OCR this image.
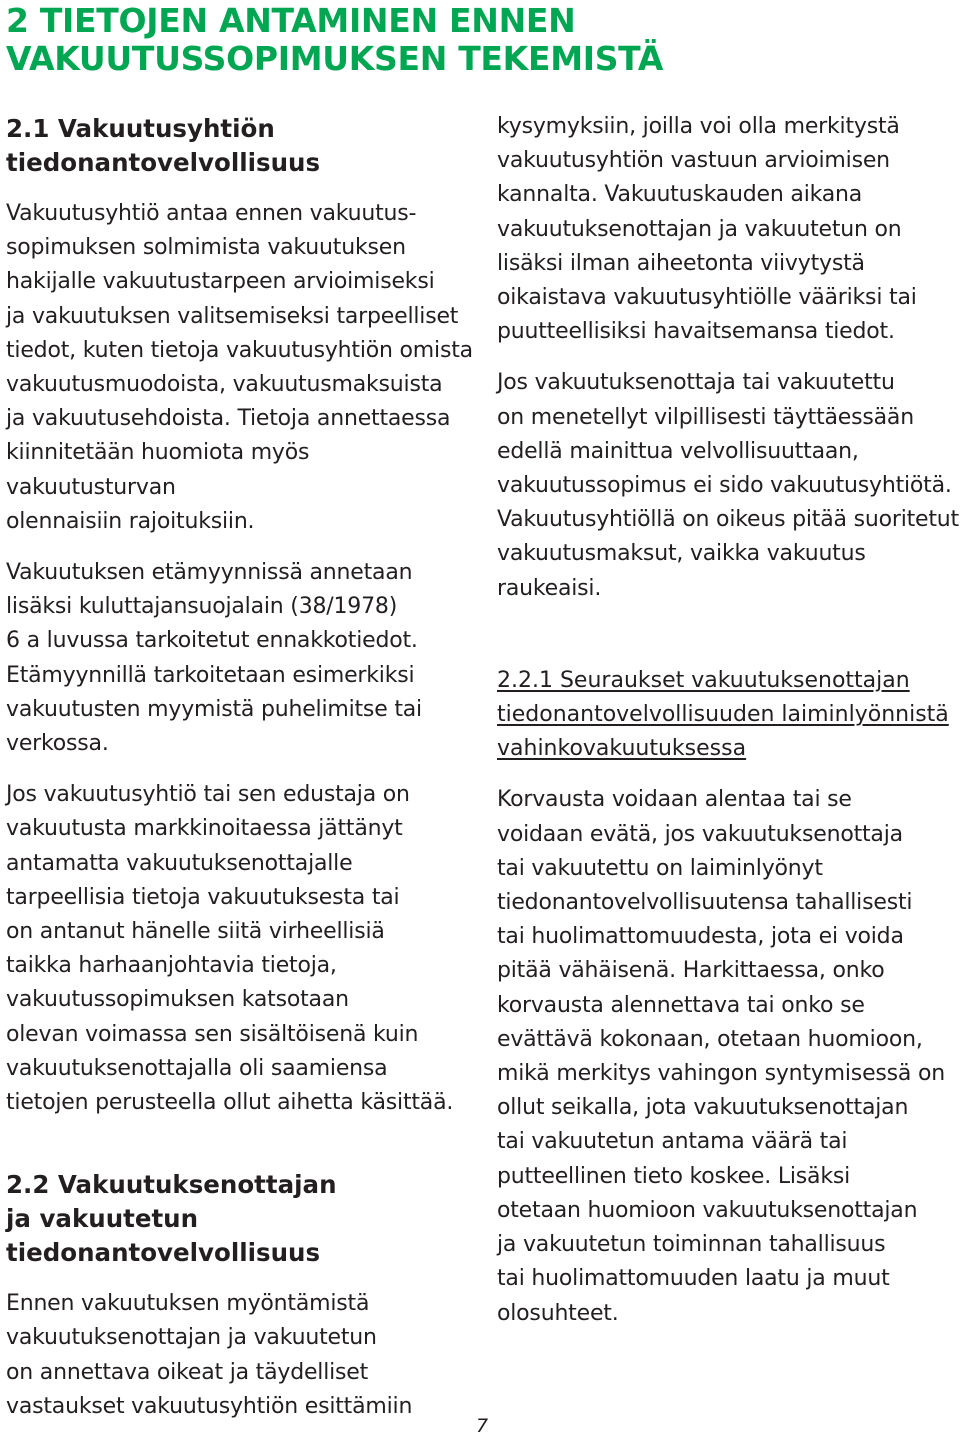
2 TIETOJEN ANTAMINEN ENNEN
VAKUUTUSSOPIMUKSEN TEKEMISTÄ
2.1 Vakuutusyhtiön
tiedonantovelvollisuus

Vakuutusyhtiö antaa ennen vakuutus-
sopimuksen solmimista vakuutuksen
hakijalle vakuutustarpeen arvioimiseksi
ja vakuutuksen valitsemiseksi tarpeelliset
tiedot, kuten tietoja vakuutusyhtiön omista
vakuutusmuodoista, vakuutusmaksuista
ja vakuutusehdoista. Tietoja annettaessa
kiinnitetään huomiota myös vakuutusturvan
olennaisiin rajoituksiin.

Vakuutuksen etämyynnissä annetaan
lisäksi kuluttajansuojalain (38/1978)
6 a luvussa tarkoitetut ennakkotiedot.
Etämyynnillä tarkoitetaan esimerkiksi
vakuutusten myymistä puhelimitse tai
verkossa.

Jos vakuutusyhtiö tai sen edustaja on
vakuutusta markkinoitaessa jättänyt
antamatta vakuutuksenottajalle
tarpeellisia tietoja vakuutuksesta tai
on antanut hänelle siitä virheellisiä
taikka harhaanjohtavia tietoja,
vakuutussopimuksen katsotaan
olevan voimassa sen sisältöisenä kuin
vakuutuksenottajalla oli saamiensa
tietojen perusteella ollut aihetta käsittää.

2.2 Vakuutuksenottajan
ja vakuutetun
tiedonantovelvollisuus

Ennen vakuutuksen myöntämistä
vakuutuksenottajan ja vakuutetun
on annettava oikeat ja täydelliset
vastaukset vakuutusyhtiön esittämiin

kysymyksiin, joilla voi olla merkitystä
vakuutusyhtiön vastuun arvioimisen
kannalta. Vakuutuskauden aikana
vakuutuksenottajan ja vakuutetun on
lisäksi ilman aiheetonta viivytystä
oikaistava vakuutusyhtiölle vääriksi tai
puutteellisiksi havaitsemansa tiedot.

Jos vakuutuksenottaja tai vakuutettu
on menetellyt vilpillisesti täyttäessään
edellä mainittua velvollisuuttaan,
vakuutussopimus ei sido vakuutusyhtiötä.
Vakuutusyhtiöllä on oikeus pitää suoritetut
vakuutusmaksut, vaikka vakuutus
raukeaisi.

2.2.1 Seuraukset vakuutuksenottajan
tiedonantovelvollisuuden laiminlyönnistä
vahinkovakuutuksessa

Korvausta voidaan alentaa tai se
voidaan evätä, jos vakuutuksenottaja
tai vakuutettu on laiminlyönyt
tiedonantovelvollisuutensa tahallisesti
tai huolimattomuudesta, jota ei voida
pitää vähäisenä. Harkittaessa, onko
korvausta alennettava tai onko se
evättävä kokonaan, otetaan huomioon,
mikä merkitys vahingon syntymisessä on
ollut seikalla, jota vakuutuksenottajan
tai vakuutetun antama väärä tai
putteellinen tieto koskee. Lisäksi
otetaan huomioon vakuutuksenottajan
ja vakuutetun toiminnan tahallisuus
tai huolimattomuuden laatu ja muut
olosuhteet.

7
